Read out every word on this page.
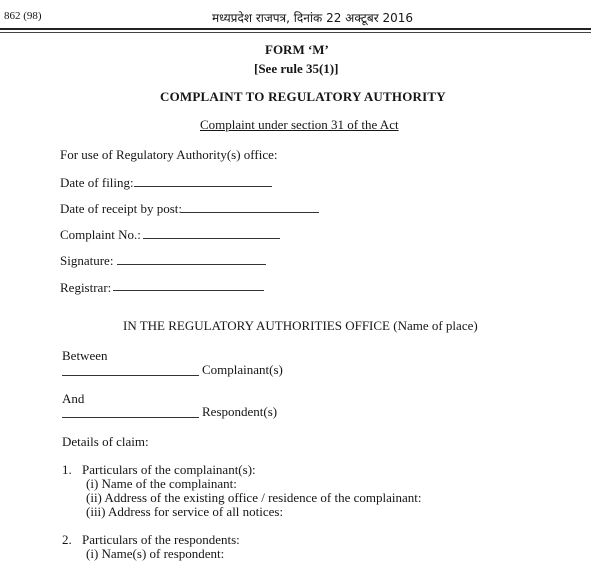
862 (98)	मध्यप्रदेश राजपत्र, दिनांक 22 अक्टूबर 2016
FORM ‘M’
[See rule 35(1)]
COMPLAINT TO REGULATORY AUTHORITY
Complaint under section 31 of the Act
For use of Regulatory Authority(s) office:
Date of filing:
Date of receipt by post:
Complaint No.:
Signature:
Registrar:
IN THE REGULATORY AUTHORITIES OFFICE (Name of place)
Between
Complainant(s)
And
Respondent(s)
Details of claim:
1. Particulars of the complainant(s):
(i) Name of the complainant:
(ii) Address of the existing office / residence of the complainant:
(iii) Address for service of all notices:
2. Particulars of the respondents:
(i) Name(s) of respondent:
